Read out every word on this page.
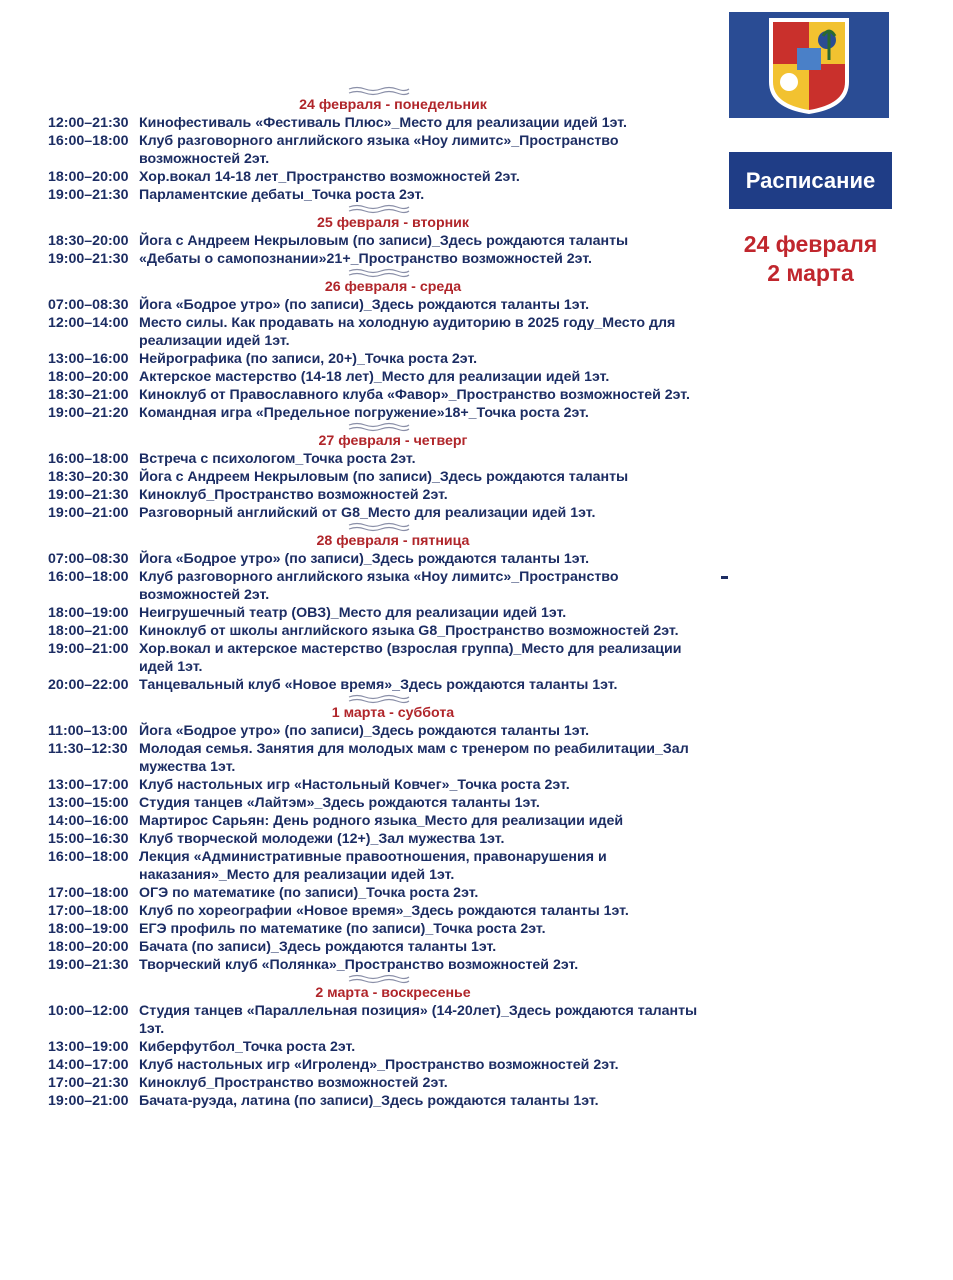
24 февраля - понедельник
12:00–21:30 Кинофестиваль «Фестиваль Плюс»_Место для реализации идей 1эт.
16:00–18:00 Клуб разговорного английского языка «Ноу лимитс»_Пространство возможностей 2эт.
18:00–20:00 Хор.вокал 14-18 лет_Пространство возможностей 2эт.
19:00–21:30 Парламентские дебаты_Точка роста 2эт.
25 февраля - вторник
18:30–20:00 Йога с Андреем Некрыловым (по записи)_Здесь рождаются таланты
19:00–21:30 «Дебаты о самопознании»21+_Пространство возможностей 2эт.
26 февраля - среда
07:00–08:30 Йога «Бодрое утро» (по записи)_Здесь рождаются таланты 1эт.
12:00–14:00 Место силы. Как продавать на холодную аудиторию в 2025 году_Место для реализации идей 1эт.
13:00–16:00 Нейрографика (по записи, 20+)_Точка роста 2эт.
18:00–20:00 Актерское мастерство (14-18 лет)_Место для реализации идей 1эт.
18:30–21:00 Киноклуб от Православного клуба «Фавор»_Пространство возможностей 2эт.
19:00–21:20 Командная игра «Предельное погружение»18+_Точка роста 2эт.
27 февраля - четверг
16:00–18:00 Встреча с психологом_Точка роста 2эт.
18:30–20:30 Йога с Андреем Некрыловым (по записи)_Здесь рождаются таланты
19:00–21:30 Киноклуб_Пространство возможностей 2эт.
19:00–21:00 Разговорный английский от G8_Место для реализации идей 1эт.
28 февраля - пятница
07:00–08:30 Йога «Бодрое утро» (по записи)_Здесь рождаются таланты 1эт.
16:00–18:00 Клуб разговорного английского языка «Ноу лимитс»_Пространство возможностей 2эт.
18:00–19:00 Неигрушечный театр (ОВЗ)_Место для реализации идей 1эт.
18:00–21:00 Киноклуб от школы английского языка G8_Пространство возможностей 2эт.
19:00–21:00 Хор.вокал и актерское мастерство (взрослая группа)_Место для реализации идей 1эт.
20:00–22:00 Танцевальный клуб «Новое время»_Здесь рождаются таланты 1эт.
1 марта - суббота
11:00–13:00 Йога «Бодрое утро» (по записи)_Здесь рождаются таланты 1эт.
11:30–12:30 Молодая семья. Занятия для молодых мам с тренером по реабилитации_Зал мужества 1эт.
13:00–17:00 Клуб настольных игр «Настольный Ковчег»_Точка роста 2эт.
13:00–15:00 Студия танцев «Лайтэм»_Здесь рождаются таланты 1эт.
14:00–16:00 Мартирос Сарьян: День родного языка_Место для реализации идей
15:00–16:30 Клуб творческой молодежи (12+)_Зал мужества 1эт.
16:00–18:00 Лекция «Административные правоотношения, правонарушения и наказания»_Место для реализации идей 1эт.
17:00–18:00 ОГЭ по математике (по записи)_Точка роста 2эт.
17:00–18:00 Клуб по хореографии «Новое время»_Здесь рождаются таланты 1эт.
18:00–19:00 ЕГЭ профиль по математике (по записи)_Точка роста 2эт.
18:00–20:00 Бачата (по записи)_Здесь рождаются таланты 1эт.
19:00–21:30 Творческий клуб «Полянка»_Пространство возможностей 2эт.
2 марта - воскресенье
10:00–12:00 Студия танцев «Параллельная позиция» (14-20лет)_Здесь рождаются таланты 1эт.
13:00–19:00 Киберфутбол_Точка роста 2эт.
14:00–17:00 Клуб настольных игр «Игроленд»_Пространство возможностей 2эт.
17:00–21:30 Киноклуб_Пространство возможностей 2эт.
19:00–21:00 Бачата-руэда, латина (по записи)_Здесь рождаются таланты 1эт.
Расписание
24 февраля
2 марта
